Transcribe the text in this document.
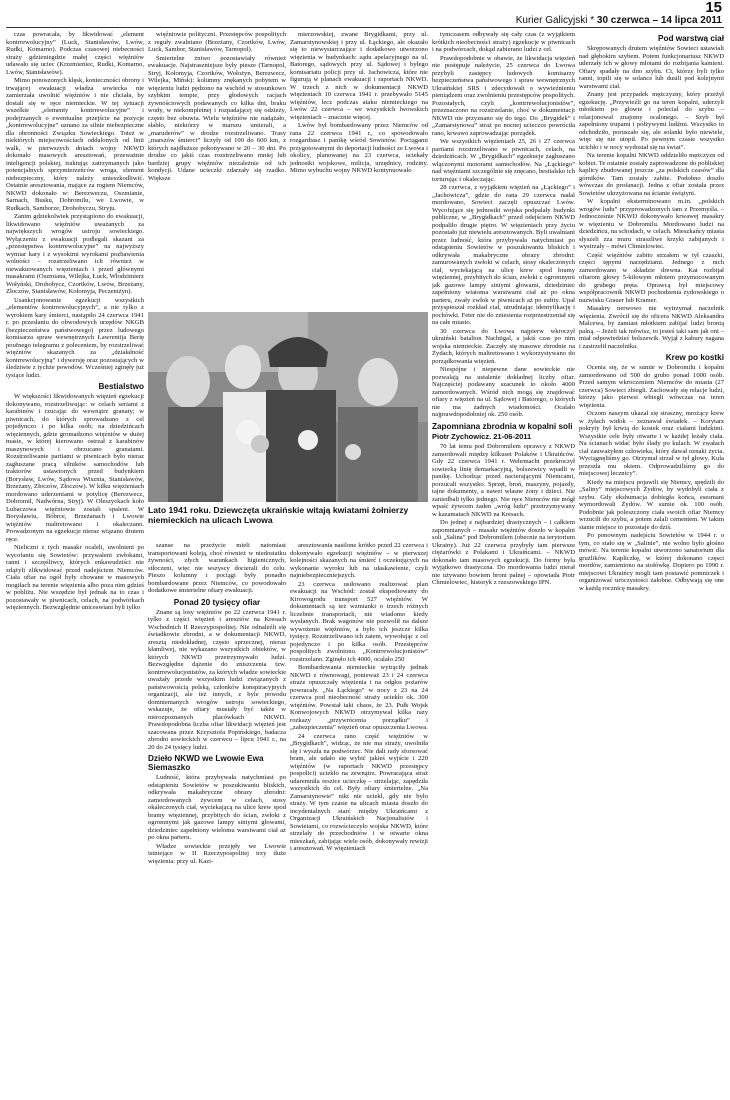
15
Kurier Galicyjski * 30 czerwca – 14 lipca 2011

czas powracała, by likwidować „element kontrrewolucyjny” (Luck, Stanisławów, Lwów, Rudki, Komarno). Podczas czasowej niebecności straży gdzieniegdzie małej części więźniów udawało się uciec (Krzemieniec, Rudki, Komarno, Lwów, Stanisławów).

Mimo ponoszonych klęsk, konieczności obrony i trwającej ewakuacji władza sowiecka nie zamierzała uwolnić więźniów i nie chciała, by dostali się w ręce niemieckie. W tej sytuacji wszelkie „elementy kontrrewolucyjne” i podejrzanych o ewentualne przejście na pozycje „kontrrewolucyjne” uznano za silnie niebezpieczne dla obronności Związku Sowieckiego. Toteż w niektórych miejscowościach oddalonych od linii walk, w pierwszych dniach wojny NKWD dokonało masowych aresztowań, przeważnie inteligencji polskiej, traktując zatrzymanych jako potencjalnych sprzymierzeńców wroga, element niebezpieczny, który należy unieszkodliwić. Ostatnie aresztowania, mające za rogiem Niemców, NKWD dokonało w: Berezweczu, Oszmianie, Sarnach, Busku, Dobromilu, we Lwowie, w Rudkach, Samborze, Drohobyczu, Stryju.

Zanim gdziekolwiek przystąpiono do ewakuacji, likwidowano więźniów uważanych za największych wrogów ustroju sowieckiego. Wyłączeniu z ewakuacji podlegali skazani za „przestępstwa kontrrewolucyjne” na najwyższy wymiar kary i z wysokimi wyrokami pozbawienia wolności – rozstrzeliwano ich również w niewakuowanych więzieniach i przed głównymi masakrami (Oszmiana, Wilejka, Łuck, Włodzimierz Wołyński, Drohobycz, Czortków, Lwów, Brzeżany, Złoczów, Stanisławów, Kołomyja, Peczeniżyn).

Usankcjonowanie egzekucji wszystkich „elementów kontrrewolucyjnych”, a nie tylko z wyrokiem kary śmierci, nastąpiło 24 czerwca 1941 r. po przesłaniu do obwodowych urzędów NKGB (bezpieczeństwa państwowego) przez ludowego komisarza spraw wewnętrznych Ławrentija Berię poufnego telegramu z poleceniem, by rozstrzeliwać więźniów skazanych za „działalność kontrrewolucyjną” i dywersję oraz pozostających w śledztwie z tychże powodów. Wcześniej zginęły już tysiące ludzi.

Bestialstwo

W większości likwidowanych więzień egzekucji dokonywano, rozstrzeliwując: w celach seriami z karabinów i rzucając do wewnątrz granaty; w piwnicach, do których sprowadzano z cel pojedynczo i po kilka osób; na dziedzińcach więziennych, gdzie gromadzono więźniów w dużej masie, w której kierowano ostrzał z karabinów maszynowych i obrzucano granatami. Rozstrzeliwanie partiami w piwnicach było nieraz zagłuszane pracą silników samochodów lub traktorów ustawionych przed budynkiem (Borysław, Lwów, Sądowa Wisznia, Stanisławów, Brzeżany, Złoczów, Złoczów). W kilku więzieniach mordowano uderzeniami w potylicę (Berezwecz, Dobromil, Nadwórna, Stryj). W Oleszyckach koło Lubaczowa więźniowie zostali spaleni. W Borysławiu, Bóbrce, Brzeżanach i Lwowie więźniów maltretowano i okaleczano. Prowadzonym na egzekucje nieraz wiązano drutem ręce.

Nieliczni z tych masakr ocaleli, uwolnieni po wycofaniu się Sowietów: przywaleni zwłokami, ranni i szczęśliwcy, których enkawudziści nie zdążyli zlikwidować przed nadejściem Niemców. Ciała ofiar na ogół były chowane w masowych mogiłach na terenie więzienia albo poza nim gdzieś w pobliżu. Nie wszędzie był jednak na to czas i pozostawały w piwnicach, celach, na podwórkach więziennych. Bezwzględnie uniceswiani byli tylko

więźniowie polityczni. Przestępców pospolitych z reguły zwalniano (Brzeżany, Czortków, Lwów, Luck, Sambor, Stanisławów, Tarnopol).

Śmiertelne żniwo pozostawiały również ewakuacje. Najstraszniejsze były piesze (Tarnopol, Stryj, Kołomyja, Czortków, Wołożyn, Berezwecz, Wilejka, Mińsk): kolumny znękanych pobytem w więzieniu ludzi pędzono na wschód w stosunkowo szybkim tempie, przy głodowych racjach żywnościowych podawanych co kilka dni, braku wody, w niekompletnej i rozpadającej się odzieży, często bez obuwia. Wielu więźniów nie nadążało, słabło, niektórzy w marszu umierali, a „maruderów” w drodze rozstrzeliwano. Trasy „marszów śmierci” liczyły od 100 do 600 km, z których najdłuższe pokonywano w 20 – 30 dni. Po drodze co jakiś czas rozstrzeliwano mniej lub bardziej grupy więźniów niezależnie od ich kondycji. Udane ucieczki zdarzały się rzadko. Większe

mierzowskiej, zwane Brygidkami, przy ul. Zamarstynowskiej i przy ul. Łąckiego, ale okazało się to niewystarczające i dodatkowo utworzono więzienia w budynkach: sądu apelacyjnego na ul. Batorego, sądowych przy ul. Sądowej i byłego komisariatu policji przy ul. Jachowicza, które nie figurują w planach ewakuacji i raportach NKWD. W trzech z nich w dokumentacji NKWD więzieniach 10 czerwca 1941 r. przebywało 5145 więźniów, lecz podczas ataku niemieckiego na Lwów 22 czerwca – we wszystkich lwowskich więzieniach – znacznie więcej.

Lwów był bombardowany przez Niemców od rana 22 czerwca 1941 r., co spowodowało rozgardiasz i panikę wśród Sowietów. Pociągami przygotowanymi do deportacji ludności ze Lwowa i okolicy, planowanej na 23 czerwca, uciekały jednostki wojskowe, milicja, urzędnicy, rodziny. Mimo wybuchu wojny NKWD kontynuowało

Lato 1941 roku. Dziewczęta ukraińskie witają kwiatami żołnierzy niemieckich na ulicach Lwowa

szanse na przeżycie mieli natomiast transportowani koleją, choć również w niedostatku żywności, złych warunkach higienicznych, stłoczeni, więc nie wszyscy docierali do celu. Pieszo kolumny i pociągi były ponadto bombardowane przez Niemców, co powodowało dodatkowe śmiertelne ofiary ewakuacji.

Ponad 20 tysięcy ofiar

Znane są losy więźniów po 22 czerwca 1941 r. tylko z części więzień i aresztów na Kresach Wschodnich II Rzeczypospolitej. Nie odnaleźli się świadkowie zbrodni, a w dokumentacji NKWD, zresztą niedokładnej, często sprzecznej, nieraz kłamliwej, nie wykazano wszystkich obiektów, w których NKWD przetrzymywało ludzi. Bezwzględne dążenie do zniszczenia tzw. kontrrewolucjonistów, za których władze sowieckie uważały przede wszystkim ludzi związanych z państwowością polską, członków konspiracyjnych organizacji, ale też innych, z byle powodu domniemanych wrogów ustroju sowieckiego, wskazuje, że ofiary musiały być także w nierozpoznanych placówkach NKWD. Prawdopodobna liczba ofiar likwidacji więzień jest szacowana przez Krzysztofa Popińskiego, badacza zbrodni sowieckich w czerwcu – lipcu 1941 r., na 20 do 24 tysięcy ludzi.

Dzieło NKWD we Lwowie Ewa Siemaszko

Ludność, która przybywała natychmiast po odstąpieniu Sowietów w poszukiwaniu bliskich, odkrywała makabryczne obrazy zbrodni: zamordowanych żywcem w celach, stosy okaleczonych ciał, wyciekającą na ulice krew spod bramy więziennej, przybitych do ścian, zwłoki z ogromnymi jak gazowe lampy siniymi głowami, dziedziniec zapełniony wielomu warstwami ciał aż po okna parteru.

Władze sowieckie przejęły we Lwowie istniejące w II Rzeczypospolitej trzy duże więzienia: przy ul. Kazi-

aresztowania nasilone krótko przed 22 czerwca i dokonywało egzekucji więźniów – w pierwszej kolejności skazanych na śmierć i oczekujących na wykonanie wyroku lub na ułaskawienie, czyli najniebezpieczniejszych.

23 czerwca usiłowano realizować plan ewakuacji na Wschód: został ekspediowany do Kirowogrodu transport 527 więźniów. W dokumentach są też wzmianki o trzech różnych liczebnie transportach, nie wiadomo kiedy wysłanych. Brak wagonów nie pozwolił na dalsze wywożenie więźniów, a było ich jeszcze kilka tysięcy. Rozstrzeliwano ich zatem, wywołując z cel pojedynczo i po kilka osób. Przestępców pospolitych zwolniono. „Kontrrewolucjonistów” rozstrzelano. Zginęło ich 4000, ocalało 250

Bombardowania niemieckie wytrąciły jednak NKWD z równowagi, ponieważ 23 i 24 czerwca straże opuszczały więzienia i na odgłos pożarów powracały. „Na Łąckiego” w nocy z 23 na 24 czerwca pod nieobecność straży uciekło ok. 300 więźniów. Powstał taki chaos, że 23. Pułk Wojsk Konwojowych NKWD otrzymywał kilka razy rozkazy „przywrócenia porządku” i „zabezpieczenia” więzień oraz opuszczenia Lwowa.

24 czerwca rano część więźniów w „Brygidkach”, widząc, że nie ma straży, uwolniła się i wyszła na podwórzec. Nie dali rady sforsować bram, ale udało się wybić jakieś wyjście i 220 więźniów (w raportach NKWD przestępcy pospolici) uciekło na zewnątrz. Powracająca straż udaremniła resztce ucieczkę – strzelając, zapędziła wszystkich do cel. Były ofiary śmiertelne. „Na Zamarstynowie” nikt nie uciekł, gdy nie było straży. W tym czasie na ulicach miasta doszło do incydentalnych starć między Ukraińcami z Organizacji Ukraińskich Nacjonalistów i Sowietami, co rozwścieczyło wojska NKWD, które strzelały do przechodniów i w otwarte okna mieszkań, zabijając wiele osób, dokonywały rewizji i aresztowań. W więzieniach

tymczasem odbywały się cały czas (z wyjątkiem krótkich nieobecności straży) egzekucje w piwnicach i na podwórcach, dokąd zabierano ludzi z cel.

Prawdopodobnie w obawie, że likwidacja więzień nie postępuje należycie, 25 czerwca do Lwowa przybyli zastępcy ludowych komisarzy bezpieczeństwa państwowego i spraw wewnętrznych Ukraińskiej SRS i zdecydowali o wywieźnieniu pieniądzem oraz zwolnieniu przestępców pospolitych. Pozostałych, czyli „kontrrewolucjonistów”, przeznaczono na rozstrzelanie, choć w dokumentacji NKWD nie przyznano się do tego. Do „Brygidek” i „Zamarstynowa” straż po nocnej ucieczce powróciła rano, krwawo zaprowadzając porządek.

We wszystkich więzieniach 25, 26 i 27 czerwca partiami rozstrzeliwano w piwnicach, celach, na dziedzińcach. W „Brygidkach” egzekucje zagłuszano włączonymi motorami samochodów. Na „Łąckiego” nad więźniami szczególnie się znęcano, bestialsko ich torturując i okaleczając.

28 czerwca, z wyjątkiem więzień na „Łąckiego” i „Jachowicza”, gdzie do rana 29 czerwca nadal mordowano, Sowieci zaczęli opuszczać Lwów. Wycofujące się jednostki wojska podpalały budynki publiczne, w „Brygidkach” przed odejściem NKWD podpaliło drugie piętro. W więzieniach przy życiu pozostało już niewielu aresztowanych. Byli uwalniani przez ludność, która przybywała natychmiast po odstąpieniu Sowietów w poszukiwaniu bliskich i odkrywała makabryczne obrazy zbrodni: zamurowanych zwłoki w celach, stosy okaleczonych ciał, wyciekającą na ulicę krew spod bramy więziennej, przybitych do ścian, zwłoki z ogromnymi jak gazowe lampy siniymi głowami, dziedziniec zapełniony wiatoma warstwami ciał aż po okna parteru, zwały zwłok w piwnicach aż po sufity. Upał przyspieszał rozkład ciał, utrudniając identyfikację i pochówki. Feter nie do zniesienia rozprzestrzeniał się na całe miasto.

30 czerwca do Lwowa najpierw wkroczył ukraiński batalion Nachtigal, a jakiś czas po nim wojska niemieckie. Zaczęły się masowe zbrodnie na Żydach, których maltretowano i wykorzystywano do porządkowania więzień.

Niespójne i niepewne dane sowieckie nie pozwalają na ustalenie dokładnej liczby ofiar. Najczęściej podawany szacunek to około 4000 zamordowanych. Wśród nich mogą się znajdować ofiary z więzień na ul. Sądowej i Batorego, o których nie ma żadnych wiadomości. Ocalało najprawdopodobniej ok. 250 osób.

Zapomniana zbrodnia w kopalni soli

Piotr Zychowicz. 21-06-2011

70 lat temu pod Dobromilem oprawcy z NKWD zamordowali między kilkuset Polaków i Ukraińców. Gdy 22 czerwca 1941 r. Wehrmacht przekroczył sowiecką linię demarkacyjną, bolszewicy wpadli w panikę. Uchodząc przed nacierającymi Niemcami, porzucali wszystko. Sprzęt, broń, maszyny, pojazdy, tajne dokumenty, a nawet własne żony i dzieci. Nie zaniedbali tylko jednego. Nie ręce Niemców nie mógł wpaść żywcem żaden „wróg ludu” przetrzymywany w kazamatach NKWD na Kresach.

Do jednej z najbardziej drastycznych – i całkiem zapomnianych – masakr więźniów doszło w kopalni soli „Salina” pod Dobromilem (obecnie na terytorium Ukrainy). Już 22 czerwca przybyły tam pierwsze ciężarówki z Polakami i Ukraińcami. – NKWD dokonało tam masowych egzekucji. Do formy była wyjątkowo drastyczna. Do mordowania ludzi nierał nie używano bowiem broni palnej – opowiada Piotr Chmielowiec, historyk z rzeszowskiego IPN.

Pod warstwą ciał

Skrępowanych drutem więźniów Sowieci ustawiali nad głębokim szybem. Potem funkcjonariusz NKWD uderzały ich w głowy młotami do rozbijania kamieni. Ofiary spadały na dno szybu. Ci, którzy byli tylko ranni, topili się w solance lub dusili pod kolejnymi warstwami ciał.

Znany jest przypadek mężczyzny, który przeżył egzekucję. „Przywieźli go na teren kopalni, uderzyli młotkiem po głowie i polecial do szybu – relacjonował znajomy ocalonego. – Szyb był zapełniony trupami i półżywymi ludźmi. Wszystko to odchodziło, poruszało się, ale solanki było niewiele, więc się nie utopił. Po pewnym czasie wszystko ucichło i w nocy wydostał się na świat”.

Na terenie kopalni NKWD oddzieliło mężczyzn od kobiet. Te ostatnie zostały zaprowadzone do pobliskiej kaplicy zbudowanej jeszcze „za polskich czasów” dla górników. Tam zostały zabite. Podobno doszło wówczas do profanacji. Jedna z ofiar została przez Sowietów ukrzyżowana na ścianie świątyni.

W kopalni eksterminowano m.in. „polskich wrogów ludu” przyprowadzonych tam z Przemyśla. – Jednocześnie NKWD dokonywało krwawej masakry w więzieniu w Dobromilu. Mordowano ludzi na dziedzińcu, na schodach, w celach. Mieszkańcy miasta słyszeli zza muru straszliwe krzyki zabijanych i wystrzały – mówi Chmielowiec.

Część więźniów zabito strzałem w tył czaszki, części tępymi narzędziami. Jednego z nich zamordowano w składzie drewna. Kat rozbijał ofiarom głowy 5-kilowym młotem przymocowanym do grubego pręta. Oprawcą był miejscowy współpracownik NKWD pochodzenia żydowskiego o nazwisku Grauer lub Kramer.

Masakry nerwowo nie wytrzymał naczelnik więzienia. Zwrócił się do oficera NKWD Aleksandra Malcewa, by zamiast młotkiem zabijać ludzi bronią palną. – Jeżeli tak mówisz, to jesteś taki sam jak oni – miał odpowiedzieć bolszewik. Wyjął z kabury nagana i zastrzelił naczelnika.

Krew po kostki

Ocenia się, że w sumie w Dobromilu i kopalni zamordowano od 500 do grubo ponad 1000 osób. Przed samym wkroczeniem Niemców do miasta (27 czerwca) Sowieci zbiegli. Zachowały się relacje ludzi, którzy jako pierwsi wbiegli wówczas na teren więzienia.

Oczom naszym ukazał się straszny, mrożący krew w żyłach widok – zeznawał świadek. – Korytarz pokryty był krwią do kostek oraz ciałami ludzkimi. Wszystkie cele były otwarte i w każdej leżały ciała. Na ścianach widać było ślady po kulach. W zwałach ciał zauważyłem człowieka, który dawał oznaki życia. Wyciągnęliśmy go. Otrzymał strzał w tył głowy. Kula przeszła mu okiem. Odprowadziliśmy go do miejscowej lecznicy”.

Kiedy na miejscu pojawili się Niemcy, spędzili do „Saliny” miejscowych Żydów, by wydobyli ciała z szybu. Gdy ekshumacja dobiegła końca, esesmani wymordowali Żydów. W sumie ok. 100 osób. Podobnie jak poleszczony ciała swoich ofiar Niemcy wrzucili do szybu, a potem zalali cementem. W takim stanie miejsce to pozostaje do dziś.

Po ponownym nadejściu Sowietów w 1944 r. o tym, co stało się w „Salinie”, nie wolno było głośno mówić. Na terenie kopalni utworzono sanatorium dla grużlików. Kapliczkę, w której dokonano częsci mordów, zamieniono na stołówkę. Dopiero po 1990 r. miejscowi Ukraińcy mogli tam postawić pomniczek i organizować uroczystości żałobne. Odbywają się one w każdą rocznicę masakry.
